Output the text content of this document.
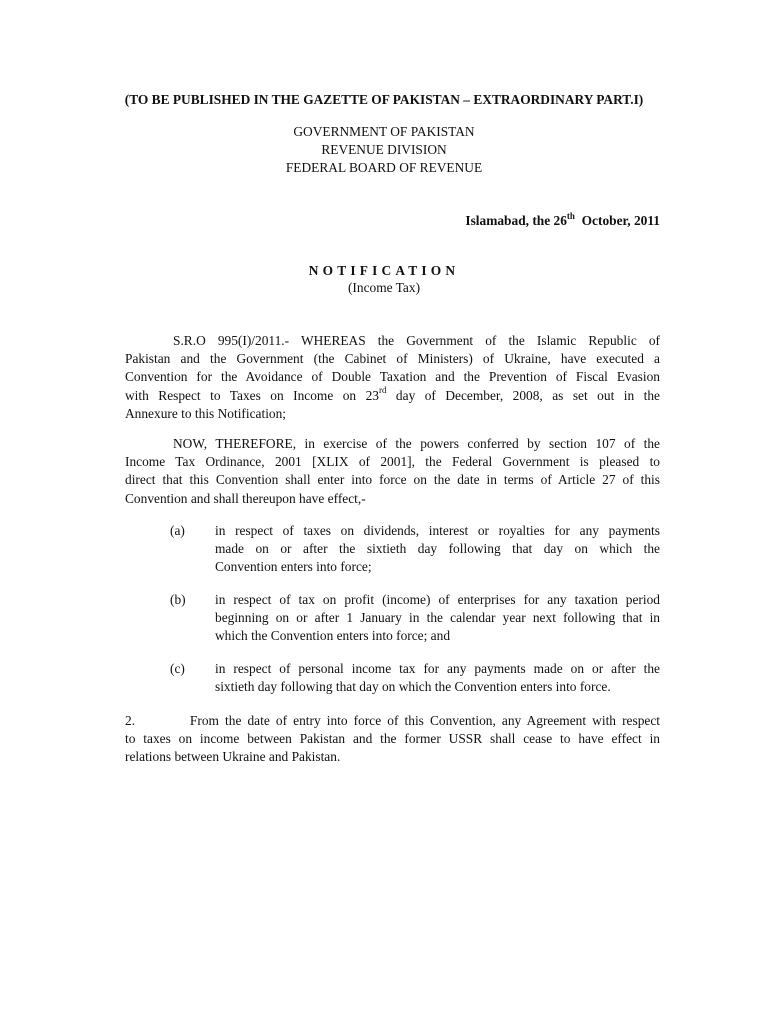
(TO BE PUBLISHED IN THE GAZETTE OF PAKISTAN – EXTRAORDINARY PART.I)
GOVERNMENT OF PAKISTAN
REVENUE DIVISION
FEDERAL BOARD OF REVENUE
Islamabad, the 26th October, 2011
NOTIFICATION
(Income Tax)
S.R.O 995(I)/2011.- WHEREAS the Government of the Islamic Republic of
Pakistan and the Government (the Cabinet of Ministers) of Ukraine, have executed a
Convention for the Avoidance of Double Taxation and the Prevention of Fiscal Evasion
with Respect to Taxes on Income on 23rd day of December, 2008, as set out in the
Annexure to this Notification;
NOW, THEREFORE, in exercise of the powers conferred by section 107 of the
Income Tax Ordinance, 2001 [XLIX of 2001], the Federal Government is pleased to
direct that this Convention shall enter into force on the date in terms of Article 27 of this
Convention and shall thereupon have effect,-
(a)	in respect of taxes on dividends, interest or royalties for any payments
made on or after the sixtieth day following that day on which the
Convention enters into force;
(b)	in respect of tax on profit (income) of enterprises for any taxation period
beginning on or after 1 January in the calendar year next following that in
which the Convention enters into force; and
(c)	in respect of personal income tax for any payments made on or after the
sixtieth day following that day on which the Convention enters into force.
2.	From the date of entry into force of this Convention, any Agreement with respect
to taxes on income between Pakistan and the former USSR shall cease to have effect in
relations between Ukraine and Pakistan.
